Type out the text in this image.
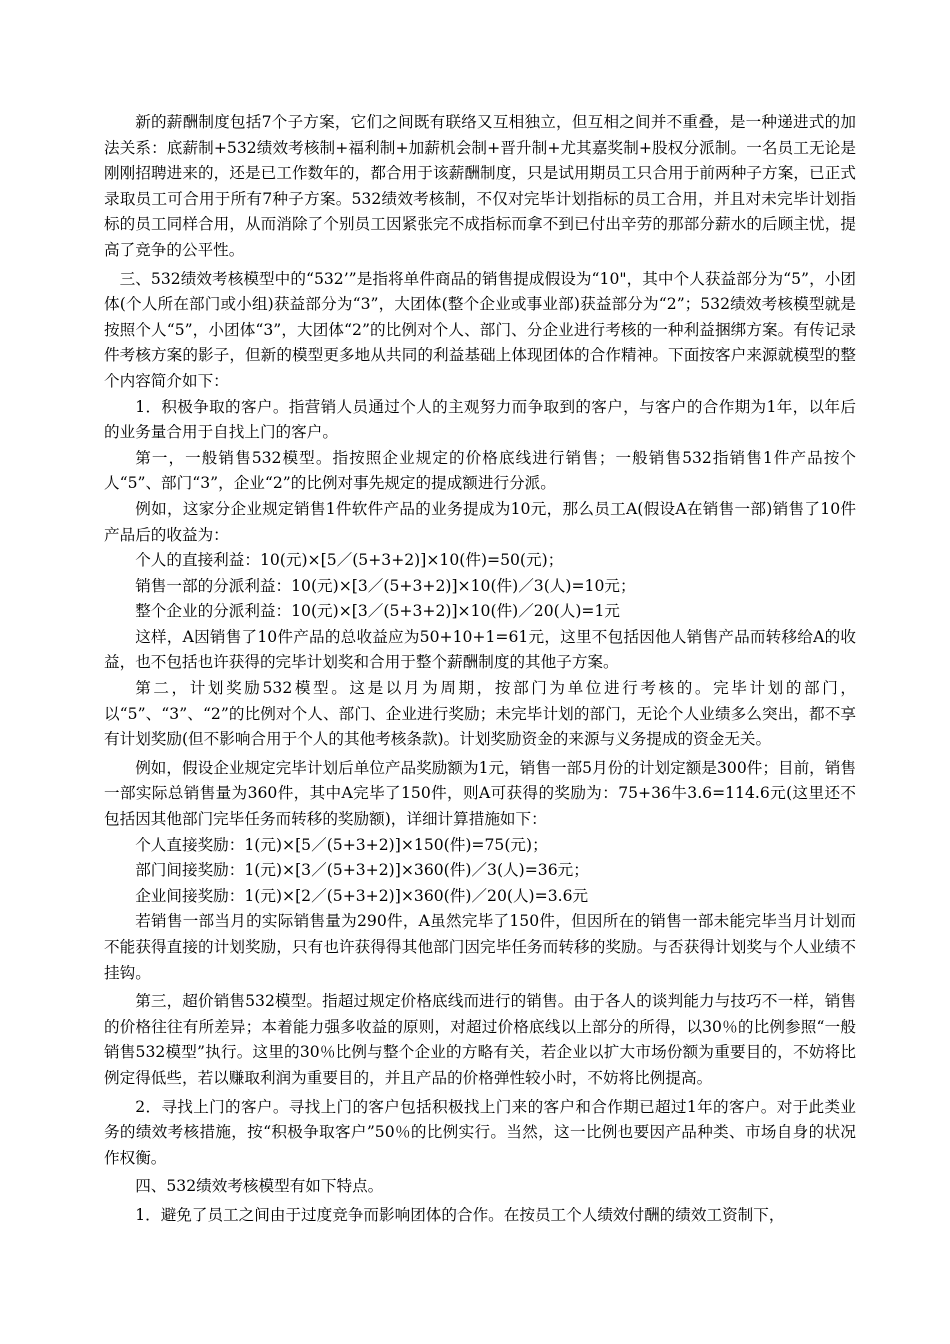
新的薪酬制度包括7个子方案，它们之间既有联络又互相独立，但互相之间并不重叠，是一种递进式的加法关系：底薪制+532绩效考核制+福利制+加薪机会制+晋升制+尤其嘉奖制+股权分派制。一名员工无论是刚刚招聘进来的，还是已工作数年的，都合用于该薪酬制度，只是试用期员工只合用于前两种子方案，已正式录取员工可合用于所有7种子方案。532绩效考核制，不仅对完毕计划指标的员工合用，并且对未完毕计划指标的员工同样合用，从而消除了个别员工因紧张完不成指标而拿不到已付出辛劳的那部分薪水的后顾主忧，提高了竞争的公平性。

三、532绩效考核模型中的“532’”是指将单件商品的销售提成假设为“10"，其中个人获益部分为“5”，小团体(个人所在部门或小组)获益部分为“3”，大团体(整个企业或事业部)获益部分为“2”；532绩效考核模型就是按照个人“5”，小团体“3”，大团体“2”的比例对个人、部门、分企业进行考核的一种利益捆绑方案。有传记录件考核方案的影子，但新的模型更多地从共同的利益基础上体现团体的合作精神。下面按客户来源就模型的整个内容简介如下：

1．积极争取的客户。指营销人员通过个人的主观努力而争取到的客户，与客户的合作期为1年，以年后的业务量合用于自找上门的客户。

第一，一般销售532模型。指按照企业规定的价格底线进行销售；一般销售532指销售1件产品按个人“5”、部门“3”，企业“2”的比例对事先规定的提成额进行分派。

例如，这家分企业规定销售1件软件产品的业务提成为10元，那么员工A(假设A在销售一部)销售了10件产品后的收益为：

个人的直接利益：10(元)×[5／(5+3+2)]×10(件)=50(元)；

销售一部的分派利益：10(元)×[3／(5+3+2)]×10(件)／3(人)=10元；

整个企业的分派利益：10(元)×[3／(5+3+2)]×10(件)／20(人)=1元

这样，A因销售了10件产品的总收益应为50+10+1=61元，这里不包括因他人销售产品而转移给A的收益，也不包括也许获得的完毕计划奖和合用于整个薪酬制度的其他子方案。

第二，计划奖励532模型。这是以月为周期，按部门为单位进行考核的。完毕计划的部门，以“5”、“3”、“2”的比例对个人、部门、企业进行奖励；未完毕计划的部门，无论个人业绩多么突出，都不享有计划奖励(但不影响合用于个人的其他考核条款)。计划奖励资金的来源与义务提成的资金无关。

例如，假设企业规定完毕计划后单位产品奖励额为1元，销售一部5月份的计划定额是300件；目前，销售一部实际总销售量为360件，其中A完毕了150件，则A可获得的奖励为：75+36牛3.6=114.6元(这里还不包括因其他部门完毕任务而转移的奖励额)，详细计算措施如下：

个人直接奖励：1(元)×[5／(5+3+2)]×150(件)=75(元)；

部门间接奖励：1(元)×[3／(5+3+2)]×360(件)／3(人)=36元；

企业间接奖励：1(元)×[2／(5+3+2)]×360(件)／20(人)=3.6元

若销售一部当月的实际销售量为290件，A虽然完毕了150件，但因所在的销售一部未能完毕当月计划而不能获得直接的计划奖励，只有也许获得得其他部门因完毕任务而转移的奖励。与否获得计划奖与个人业绩不挂钩。

第三，超价销售532模型。指超过规定价格底线而进行的销售。由于各人的谈判能力与技巧不一样，销售的价格往往有所差异；本着能力强多收益的原则，对超过价格底线以上部分的所得，以30％的比例参照“一般销售532模型”执行。这里的30％比例与整个企业的方略有关，若企业以扩大市场份额为重要目的，不妨将比例定得低些，若以赚取利润为重要目的，并且产品的价格弹性较小时，不妨将比例提高。

2．寻找上门的客户。寻找上门的客户包括积极找上门来的客户和合作期已超过1年的客户。对于此类业务的绩效考核措施，按“积极争取客户”50％的比例实行。当然，这一比例也要因产品种类、市场自身的状况作权衡。

四、532绩效考核模型有如下特点。

1．避免了员工之间由于过度竞争而影响团体的合作。在按员工个人绩效付酬的绩效工资制下，
